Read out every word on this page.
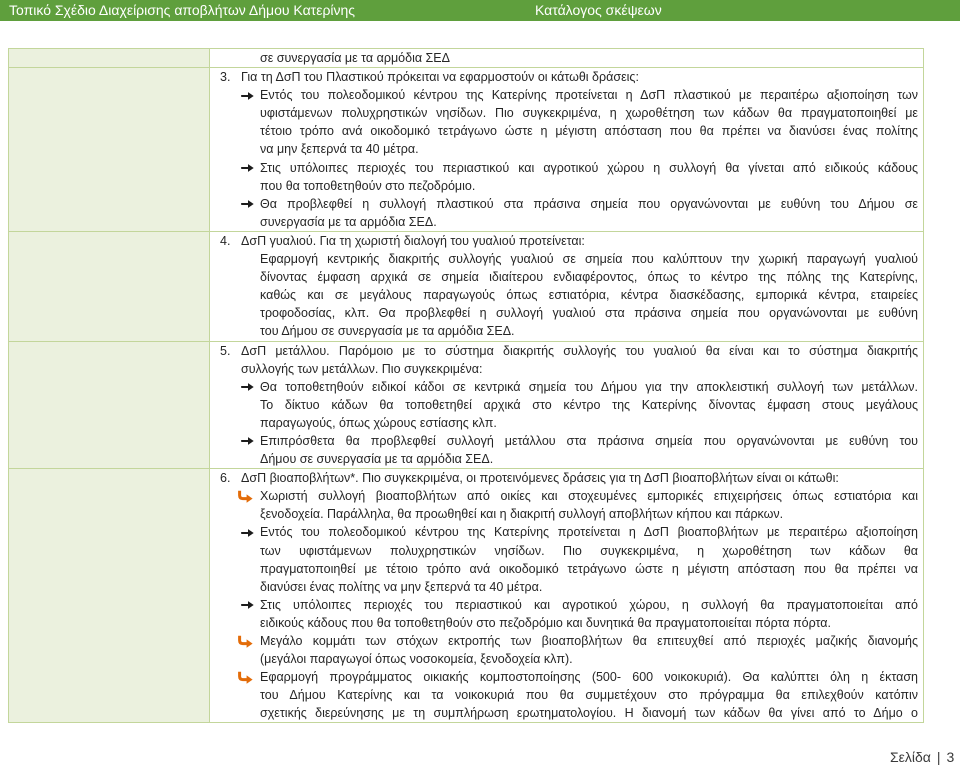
Τοπικό Σχέδιο Διαχείρισης αποβλήτων Δήμου Κατερίνης	Κατάλογος σκέψεων
σε συνεργασία με τα αρμόδια ΣΕΔ
3. Για τη ΔσΠ του Πλαστικού πρόκειται να εφαρμοστούν οι κάτωθι δράσεις:
Εντός του πολεοδομικού κέντρου της Κατερίνης προτείνεται η ΔσΠ πλαστικού με περαιτέρω αξιοποίηση των
υφιστάμενων πολυχρηστικών νησίδων. Πιο συγκεκριμένα, η χωροθέτηση των κάδων θα πραγματοποιηθεί με
τέτοιο τρόπο ανά οικοδομικό τετράγωνο ώστε η μέγιστη απόσταση που θα πρέπει να διανύσει ένας πολίτης
να μην ξεπερνά τα 40 μέτρα.
Στις υπόλοιπες περιοχές του περιαστικού και αγροτικού χώρου η συλλογή θα γίνεται από ειδικούς κάδους
που θα τοποθετηθούν στο πεζοδρόμιο.
Θα προβλεφθεί η συλλογή πλαστικού στα πράσινα σημεία που οργανώνονται με ευθύνη του Δήμου σε
συνεργασία με τα αρμόδια ΣΕΔ.
4. ΔσΠ γυαλιού. Για τη χωριστή διαλογή του γυαλιού προτείνεται:
Εφαρμογή κεντρικής διακριτής συλλογής γυαλιού σε σημεία που καλύπτουν την χωρική παραγωγή γυαλιού
δίνοντας έμφαση αρχικά σε σημεία ιδιαίτερου ενδιαφέροντος, όπως το κέντρο της πόλης της Κατερίνης,
καθώς και σε μεγάλους παραγωγούς όπως εστιατόρια, κέντρα διασκέδασης, εμπορικά κέντρα, εταιρείες
τροφοδοσίας, κλπ. Θα προβλεφθεί η συλλογή γυαλιού στα πράσινα σημεία που οργανώνονται με ευθύνη
του Δήμου σε συνεργασία με τα αρμόδια ΣΕΔ.
5. ΔσΠ μετάλλου. Παρόμοιο με το σύστημα διακριτής συλλογής του γυαλιού θα είναι και το σύστημα διακριτής
συλλογής των μετάλλων. Πιο συγκεκριμένα:
Θα τοποθετηθούν ειδικοί κάδοι σε κεντρικά σημεία του Δήμου για την αποκλειστική συλλογή των μετάλλων.
Το δίκτυο κάδων θα τοποθετηθεί αρχικά στο κέντρο της Κατερίνης δίνοντας έμφαση στους μεγάλους
παραγωγούς, όπως χώρους εστίασης κλπ.
Επιπρόσθετα θα προβλεφθεί συλλογή μετάλλου στα πράσινα σημεία που οργανώνονται με ευθύνη του
Δήμου σε συνεργασία με τα αρμόδια ΣΕΔ.
6. ΔσΠ βιοαποβλήτων*. Πιο συγκεκριμένα, οι προτεινόμενες δράσεις για τη ΔσΠ βιοαποβλήτων είναι οι κάτωθι:
Χωριστή συλλογή βιοαποβλήτων από οικίες και στοχευμένες εμπορικές επιχειρήσεις όπως εστιατόρια και
ξενοδοχεία. Παράλληλα, θα προωθηθεί και η διακριτή συλλογή αποβλήτων κήπου και πάρκων.
Εντός του πολεοδομικού κέντρου της Κατερίνης προτείνεται η ΔσΠ βιοαποβλήτων με περαιτέρω αξιοποίηση
των υφιστάμενων πολυχρηστικών νησίδων. Πιο συγκεκριμένα, η χωροθέτηση των κάδων θα
πραγματοποιηθεί με τέτοιο τρόπο ανά οικοδομικό τετράγωνο ώστε η μέγιστη απόσταση που θα πρέπει να
διανύσει ένας πολίτης να μην ξεπερνά τα 40 μέτρα.
Στις υπόλοιπες περιοχές του περιαστικού και αγροτικού χώρου, η συλλογή θα πραγματοποιείται από
ειδικούς κάδους που θα τοποθετηθούν στο πεζοδρόμιο και δυνητικά θα πραγματοποιείται πόρτα πόρτα.
Μεγάλο κομμάτι των στόχων εκτροπής των βιοαποβλήτων θα επιτευχθεί από περιοχές μαζικής διανομής
(μεγάλοι παραγωγοί όπως νοσοκομεία, ξενοδοχεία κλπ).
Εφαρμογή προγράμματος οικιακής κομποστοποίησης (500- 600 νοικοκυριά). Θα καλύπτει όλη η έκταση
του Δήμου Κατερίνης και τα νοικοκυριά που θα συμμετέχουν στο πρόγραμμα θα επιλεχθούν κατόπιν
σχετικής διερεύνησης με τη συμπλήρωση ερωτηματολογίου. Η διανομή των κάδων θα γίνει από το Δήμο ο
Σελίδα | 3
